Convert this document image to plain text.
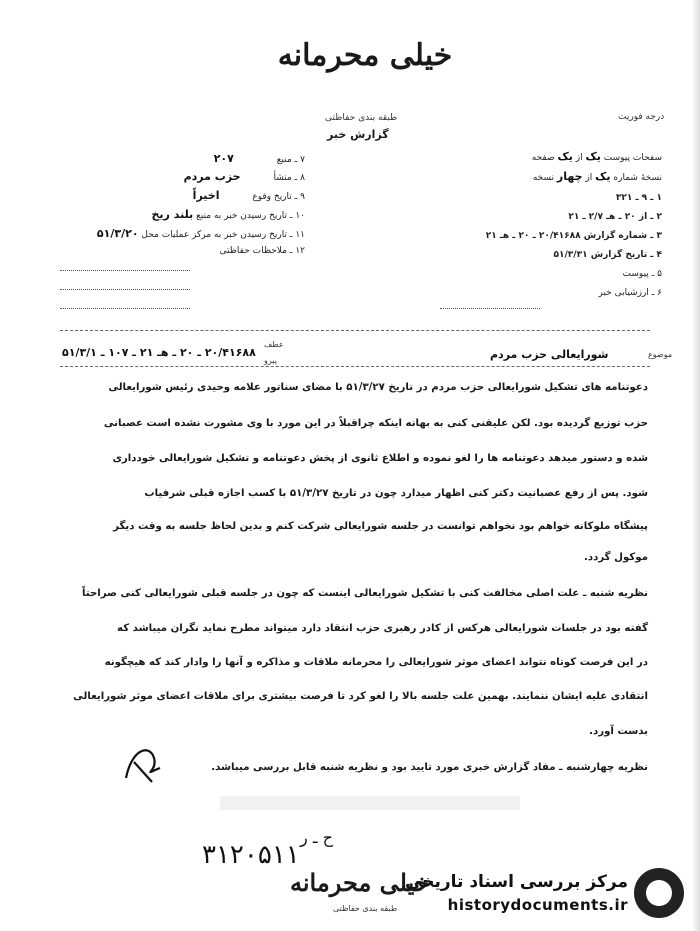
خیلی محرمانه
طبقه بندی حفاظتی
گزارش خبر
درجه فوریت
سفحات پیوست یک از یک صفحه
نسخهٔ شماره یک از چهار نسخه
۱ ـ ۹ ـ ۳۲۱
۲ ـ از ۲۰ ـ هـ ۲/۷ ـ ۲۱
۳ ـ شماره گزارش ۲۰/۴۱۶۸۸ ـ ۲۰ ـ هـ ۲۱
۴ ـ تاریخ گزارش ۵۱/۳/۳۱
۵ ـ پیوست
۶ ـ ارزشیابی خبر
۷ ـ منبع ۲۰۷
۸ ـ منشأ حزب مردم
۹ ـ تاریخ وقوع اخیراً
۱۰ ـ تاریخ رسیدن خبر به منبع بلند ریخ
۱۱ ـ تاریخ رسیدن خبر به مرکز عملیات محل ۵۱/۳/۲۰
۱۲ ـ ملاحظات حفاظتی
موضوع
شورایعالی حزب مردم
عطف
پیرو
۲۰/۴۱۶۸۸ ـ ۲۰ ـ هـ ۲۱ ـ ۱۰۷ ـ ۵۱/۳/۱
دعوتنامه های تشکیل شورایعالی حزب مردم در تاریخ ۵۱/۳/۲۷ با مضای سناتور علامه وحیدی رئیس شورایعالی
حزب توزیع گردیده بود. لکن علیقنی کنی به بهانه اینکه چراقبلاً در این مورد با وی مشورت نشده است عصبانی
شده و دستور میدهد دعوتنامه ها را لغو نموده و اطلاع ثانوی از پخش دعوتنامه و تشکیل شورایعالی خودداری
شود. پس از رفع عصبانیت دکتر کنی اظهار میدارد چون در تاریخ ۵۱/۳/۲۷ با کسب اجازه قبلی شرفیاب
پیشگاه ملوکانه خواهم بود نخواهم توانست در جلسه شورایعالی شرکت کنم و بدین لحاظ جلسه به وقت دیگر
موکول گردد.
نظریه شنبه ـ علت اصلی مخالفت کنی با تشکیل شورایعالی اینست که چون در جلسه قبلی شورایعالی کنی صراحتاً
گفته بود در جلسات شورایعالی هرکس از کادر رهبری حزب انتقاد دارد میتواند مطرح نماید نگران میباشد که
در این فرصت کوتاه نتواند اعضای موثر شورایعالی را محرمانه ملاقات و مذاکره و آنها را وادار کند که هیچگونه
انتقادی علیه ایشان ننمایند. بهمین علت جلسه بالا را لغو کرد تا فرصت بیشتری برای ملاقات اعضای موثر شورایعالی
بدست آورد.
نظریه چهارشنبه ـ مفاد گزارش خبری مورد تایید بود و نظریه شنبه قابل بررسی میباشد.
۳۱۲۰۵۱۱
ح ـ ر
خیلی محرمانه
طبقه بندی حفاظتی
مرکز بررسی اسناد تاریخی
historydocuments.ir
